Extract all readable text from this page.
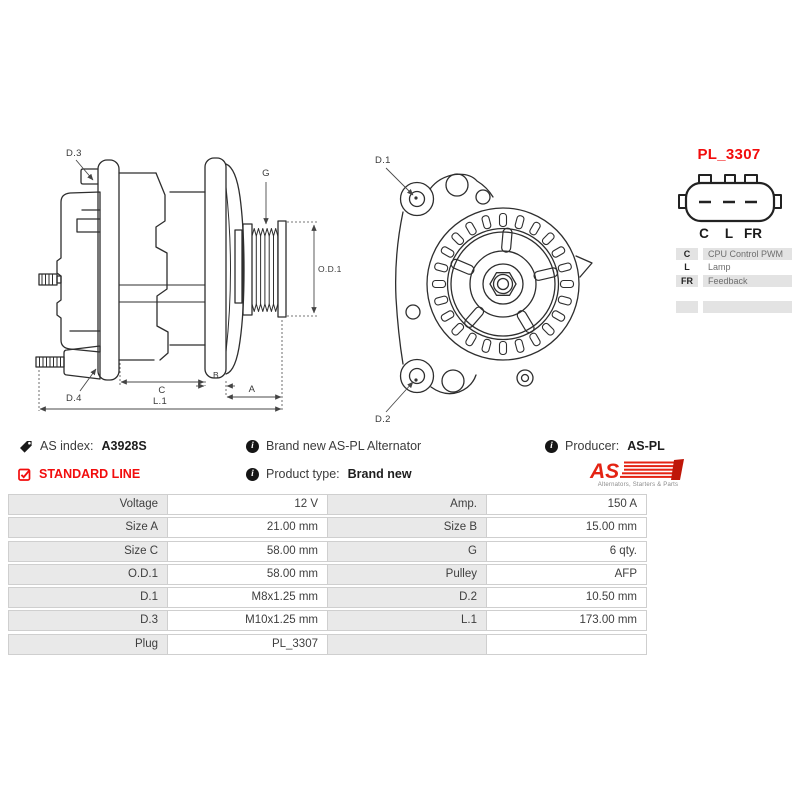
D.3
D.4
G
O.D.1
C
B
A
L.1
D.1
D.2
PL_3307
C L FR
C	CPU Control PWM
L	Lamp
FR	Feedback
AS index: A3928S i	Brand new AS-PL Alternator i	Producer: AS-PL
STANDARD LINE i	Product type: Brand new	AS
Alternators, Starters & Parts
Voltage	12 V	Amp.	150 A
Size A	21.00 mm	Size B	15.00 mm
Size C	58.00 mm	G	6 qty.
O.D.1	58.00 mm	Pulley	AFP
D.1	M8x1.25 mm	D.2	10.50 mm
D.3	M10x1.25 mm	L.1	173.00 mm
Plug	PL_3307
